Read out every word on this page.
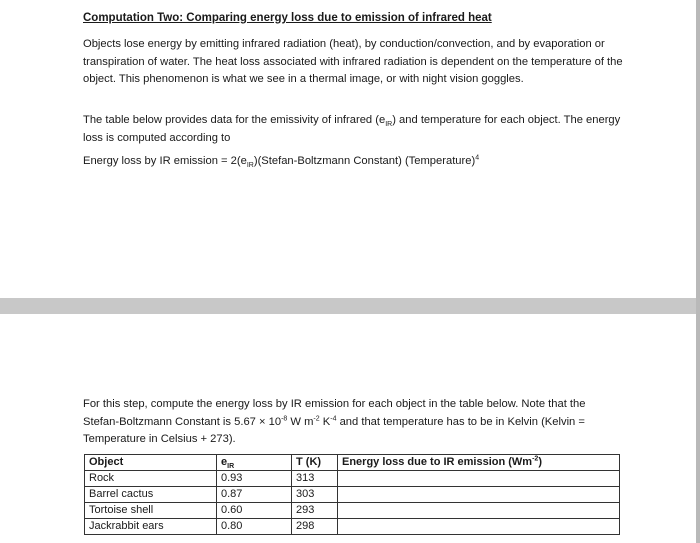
Computation Two: Comparing energy loss due to emission of infrared heat
Objects lose energy by emitting infrared radiation (heat), by conduction/convection, and by evaporation or transpiration of water. The heat loss associated with infrared radiation is dependent on the temperature of the object. This phenomenon is what we see in a thermal image, or with night vision goggles.
The table below provides data for the emissivity of infrared $(e_{IR})$ and temperature for each object. The energy loss is computed according to
Energy loss by IR emission = $2(e_{IR})(Stefan$-Boltzmann Constant) (Temperature)$^4$
For this step, compute the energy loss by IR emission for each object in the table below. Note that the Stefan-Boltzmann Constant is $5.67 \times 10^{-8}$ W $m^{-2}$ $K^{-4}$ and that temperature has to be in Kelvin (Kelvin = Temperature in Celsius + 273).
Object	$e_{IR}$	T (K)	Energy loss due to IR emission $(Wm^{-2})$
Rock	0.93	313	
Barrel cactus	0.87	303	
Tortoise shell	0.60	293	
Jackrabbit ears	0.80	298	
